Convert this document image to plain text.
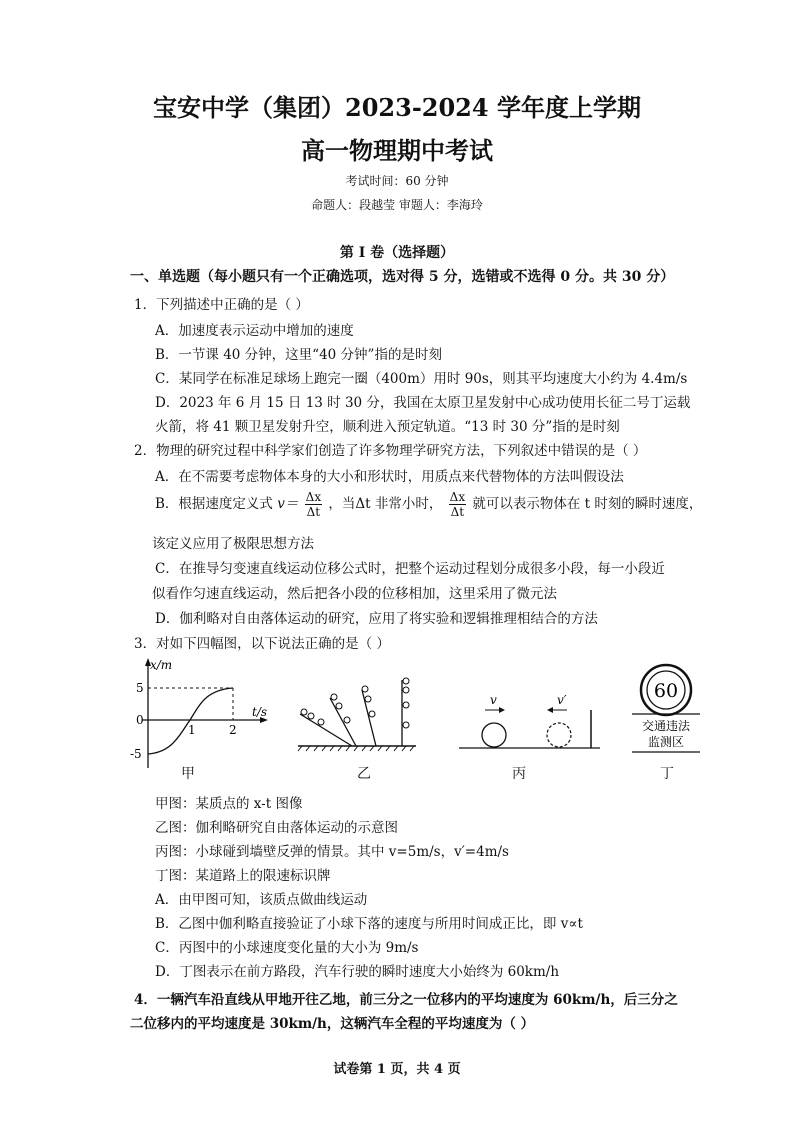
宝安中学（集团）2023-2024 学年度上学期
高一物理期中考试
考试时间：60 分钟
命题人：段越莹 审题人：李海玲
第 I 卷（选择题）
一、单选题（每小题只有一个正确选项，选对得 5 分，选错或不选得 0 分。共 30 分）
1．下列描述中正确的是（ ）
A．加速度表示运动中增加的速度
B．一节课 40 分钟，这里“40 分钟”指的是时刻
C．某同学在标准足球场上跑完一圈（400m）用时 90s，则其平均速度大小约为 4.4m/s
D．2023 年 6 月 15 日 13 时 30 分，我国在太原卫星发射中心成功使用长征二号丁运载
火箭，将 41 颗卫星发射升空，顺利进入预定轨道。“13 时 30 分”指的是时刻
2．物理的研究过程中科学家们创造了许多物理学研究方法，下列叙述中错误的是（ ）
A．在不需要考虑物体本身的大小和形状时，用质点来代替物体的方法叫假设法
B．根据速度定义式 $v= \frac{\Delta x}{\Delta t}$ ，当Δt 非常小时， $\frac{\Delta x}{\Delta t}$ 就可以表示物体在 t 时刻的瞬时速度，
该定义应用了极限思想方法
C．在推导匀变速直线运动位移公式时，把整个运动过程划分成很多小段，每一小段近
似看作匀速直线运动，然后把各小段的位移相加，这里采用了微元法
D．伽利略对自由落体运动的研究，应用了将实验和逻辑推理相结合的方法
3．对如下四幅图，以下说法正确的是（ ）
x/m
t/s
5
0
-5
1	2
甲	乙
v	v′
丙
60
交通违法
监测区
丁
甲图：某质点的 x-t 图像
乙图：伽利略研究自由落体运动的示意图
丙图：小球碰到墙壁反弹的情景。其中 v=5m/s，v′=4m/s
丁图：某道路上的限速标识牌
A．由甲图可知，该质点做曲线运动
B．乙图中伽利略直接验证了小球下落的速度与所用时间成正比，即 v∝t
C．丙图中的小球速度变化量的大小为 9m/s
D．丁图表示在前方路段，汽车行驶的瞬时速度大小始终为 60km/h
4．一辆汽车沿直线从甲地开往乙地，前三分之一位移内的平均速度为 60km/h，后三分之
二位移内的平均速度是 30km/h，这辆汽车全程的平均速度为（ ）
试卷第 1 页，共 4 页
